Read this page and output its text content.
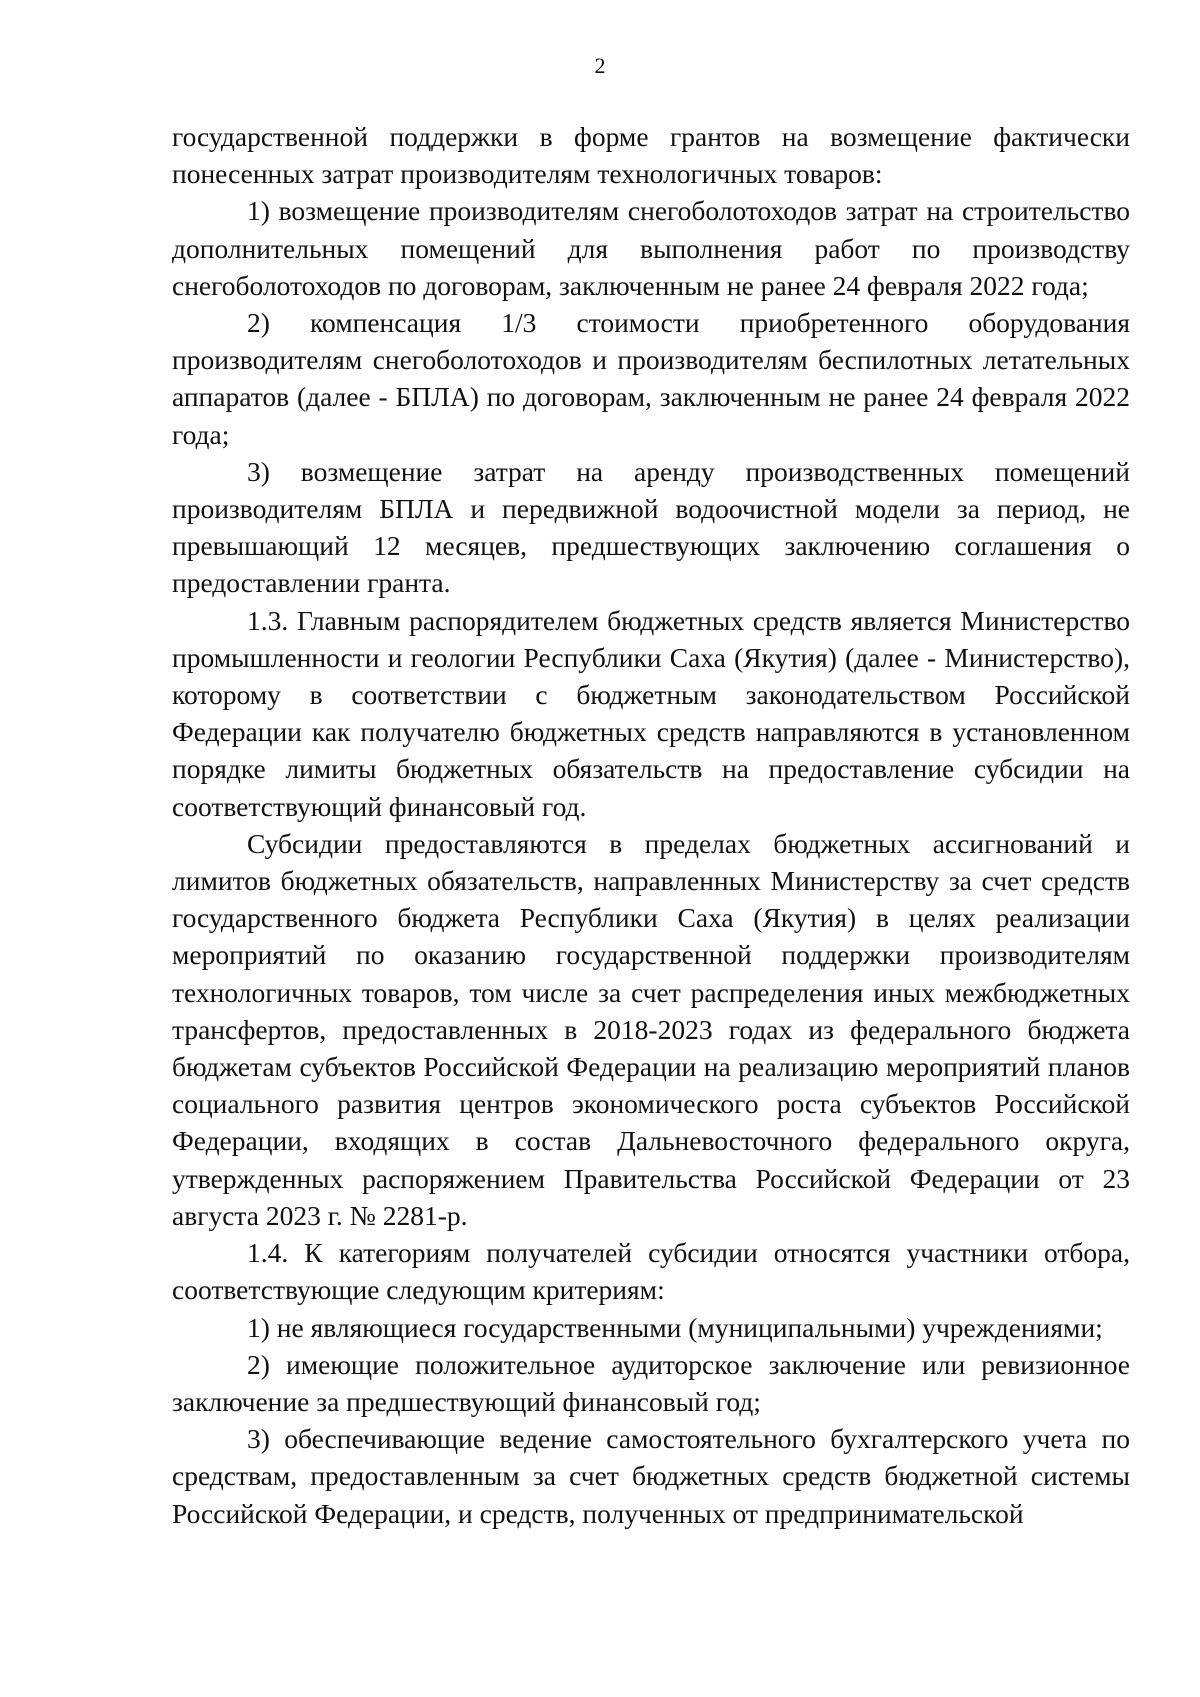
2

государственной поддержки в форме грантов на возмещение фактически понесенных затрат производителям технологичных товаров:

1) возмещение производителям снегоболотоходов затрат на строительство дополнительных помещений для выполнения работ по производству снегоболотоходов по договорам, заключенным не ранее 24 февраля 2022 года;

2) компенсация 1/3 стоимости приобретенного оборудования производителям снегоболотоходов и производителям беспилотных летательных аппаратов (далее - БПЛА) по договорам, заключенным не ранее 24 февраля 2022 года;

3) возмещение затрат на аренду производственных помещений производителям БПЛА и передвижной водоочистной модели за период, не превышающий 12 месяцев, предшествующих заключению соглашения о предоставлении гранта.

1.3. Главным распорядителем бюджетных средств является Министерство промышленности и геологии Республики Саха (Якутия) (далее - Министерство), которому в соответствии с бюджетным законодательством Российской Федерации как получателю бюджетных средств направляются в установленном порядке лимиты бюджетных обязательств на предоставление субсидии на соответствующий финансовый год.

Субсидии предоставляются в пределах бюджетных ассигнований и лимитов бюджетных обязательств, направленных Министерству за счет средств государственного бюджета Республики Саха (Якутия) в целях реализации мероприятий по оказанию государственной поддержки производителям технологичных товаров, том числе за счет распределения иных межбюджетных трансфертов, предоставленных в 2018-2023 годах из федерального бюджета бюджетам субъектов Российской Федерации на реализацию мероприятий планов социального развития центров экономического роста субъектов Российской Федерации, входящих в состав Дальневосточного федерального округа, утвержденных распоряжением Правительства Российской Федерации от 23 августа 2023 г. № 2281-р.

1.4. К категориям получателей субсидии относятся участники отбора, соответствующие следующим критериям:

1) не являющиеся государственными (муниципальными) учреждениями;

2) имеющие положительное аудиторское заключение или ревизионное заключение за предшествующий финансовый год;

3) обеспечивающие ведение самостоятельного бухгалтерского учета по средствам, предоставленным за счет бюджетных средств бюджетной системы Российской Федерации, и средств, полученных от предпринимательской
